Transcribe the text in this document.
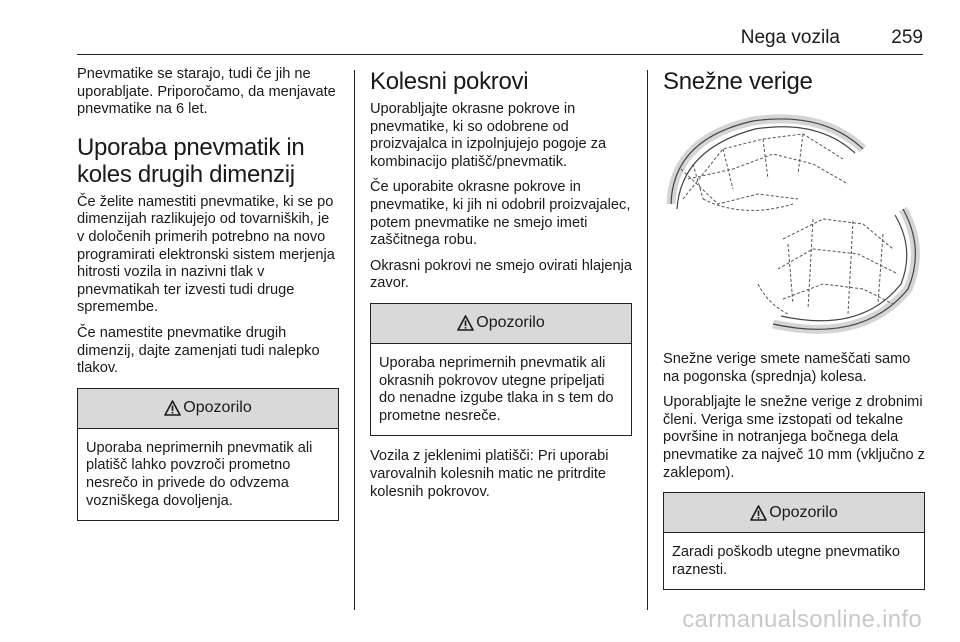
Nega vozila	259

Pnevmatike se starajo, tudi če jih ne uporabljate. Priporočamo, da menjavate pnevmatike na 6 let.

Uporaba pnevmatik in koles drugih dimenzij

Če želite namestiti pnevmatike, ki se po dimenzijah razlikujejo od tovarniških, je v določenih primerih potrebno na novo programirati elektronski sistem merjenja hitrosti vozila in nazivni tlak v pnevmatikah ter izvesti tudi druge spremembe.

Če namestite pnevmatike drugih dimenzij, dajte zamenjati tudi nalepko tlakov.

Opozorilo
Uporaba neprimernih pnevmatik ali platišč lahko povzroči prometno nesrečo in privede do odvzema vozniškega dovoljenja.
Kolesni pokrovi

Uporabljajte okrasne pokrove in pnevmatike, ki so odobrene od proizvajalca in izpolnjujejo pogoje za kombinacijo platišč/pnevmatik.

Če uporabite okrasne pokrove in pnevmatike, ki jih ni odobril proizvajalec, potem pnevmatike ne smejo imeti zaščitnega robu.

Okrasni pokrovi ne smejo ovirati hlajenja zavor.

Opozorilo
Uporaba neprimernih pnevmatik ali okrasnih pokrovov utegne pripeljati do nenadne izgube tlaka in s tem do prometne nesreče.

Vozila z jeklenimi platišči: Pri uporabi varovalnih kolesnih matic ne pritrdite kolesnih pokrovov.

Snežne verige

Snežne verige smete nameščati samo na pogonska (sprednja) kolesa.

Uporabljajte le snežne verige z drobnimi členi. Veriga sme izstopati od tekalne površine in notranjega bočnega dela pnevmatike za največ 10 mm (vključno z zaklepom).

Opozorilo
Zaradi poškodb utegne pnevmatiko raznesti.
carmanualsonline.info
